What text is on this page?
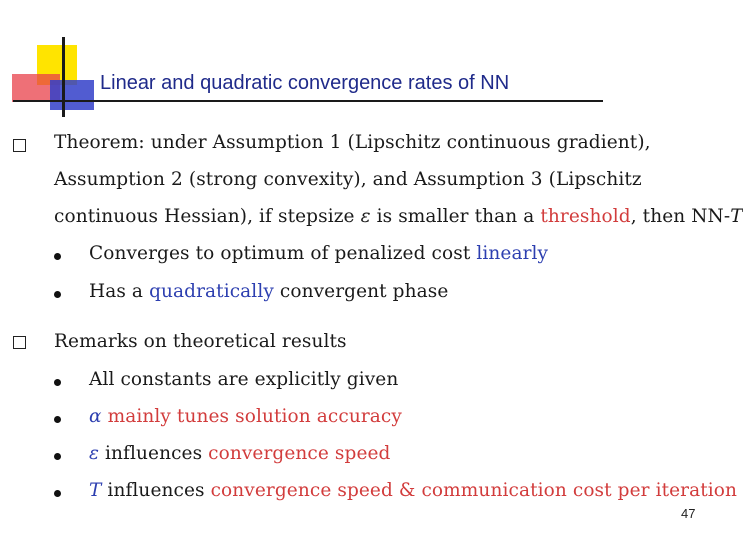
Linear and quadratic convergence rates of NN
Theorem: under Assumption 1 (Lipschitz continuous gradient),
Assumption 2 (strong convexity), and Assumption 3 (Lipschitz
continuous Hessian), if stepsize ε is smaller than a threshold, then NN-T
Converges to optimum of penalized cost linearly
Has a quadratically convergent phase
Remarks on theoretical results
All constants are explicitly given
α mainly tunes solution accuracy
ε influences convergence speed
T influences convergence speed & communication cost per iteration
47
